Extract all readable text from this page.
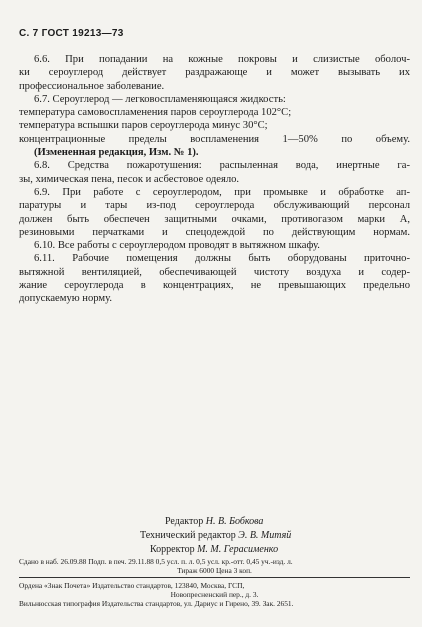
С. 7 ГОСТ 19213—73
6.6. При попадании на кожные покровы и слизистые оболоч-
ки сероуглерод действует раздражающе и может вызывать их
профессиональное заболевание.
6.7. Сероуглерод — легковоспламеняющаяся жидкость:
температура самовоспламенения паров сероуглерода 102°C;
температура вспышки паров сероуглерода минус 30°C;
концентрационные пределы воспламенения 1—50% по объему.
(Измененная редакция, Изм. № 1).
6.8. Средства пожаротушения: распыленная вода, инертные га-
зы, химическая пена, песок и асбестовое одеяло.
6.9. При работе с сероуглеродом, при промывке и обработке ап-
паратуры и тары из-под сероуглерода обслуживающий персонал
должен быть обеспечен защитными очками, противогазом марки А,
резиновыми перчатками и спецодеждой по действующим нормам.
6.10. Все работы с сероуглеродом проводят в вытяжном шкафу.
6.11. Рабочие помещения должны быть оборудованы приточно-
вытяжной вентиляцией, обеспечивающей чистоту воздуха и содер-
жание сероуглерода в концентрациях, не превышающих предельно
допускаемую норму.
Редактор Н. В. Бобкова
Технический редактор Э. В. Митяй
Корректор М. М. Герасименко
Сдано в наб. 26.09.88 Подп. в печ. 29.11.88 0,5 усл. п. л. 0,5 усл. кр.-отт. 0,45 уч.-изд. л.
Тираж 6000 Цена 3 коп.
Ордена «Знак Почета» Издательство стандартов, 123840, Москва, ГСП,
Новопресненский пер., д. 3.
Вильнюсская типография Издательства стандартов, ул. Дариус и Гирено, 39. Зак. 2651.
